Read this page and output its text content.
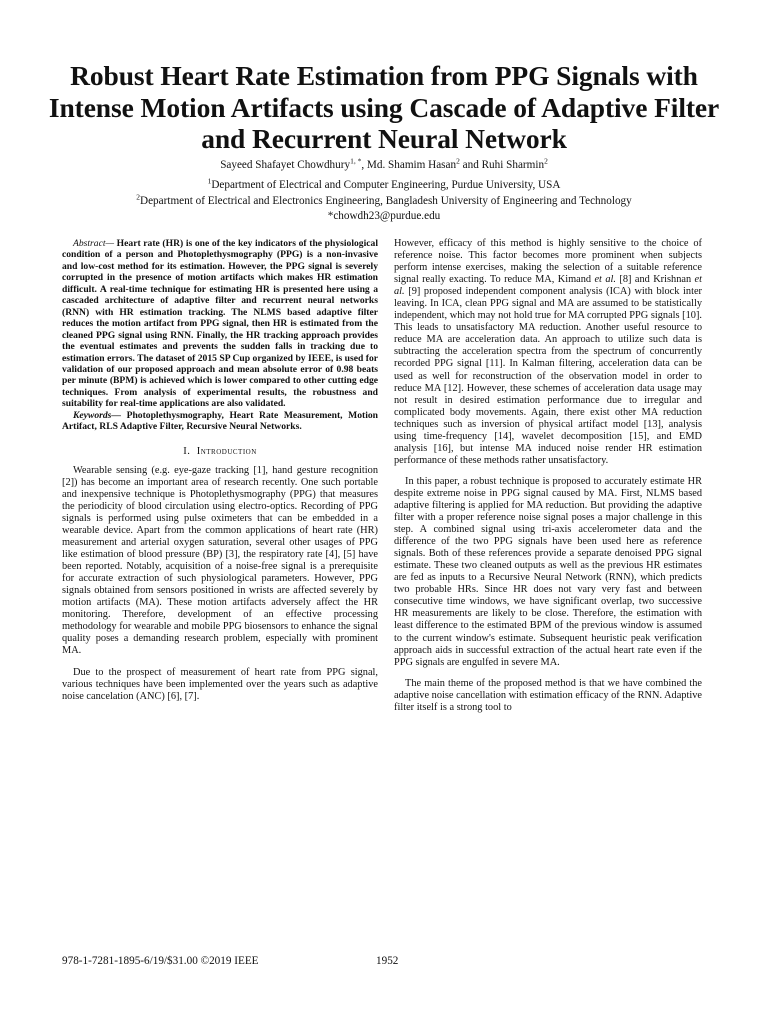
Robust Heart Rate Estimation from PPG Signals with Intense Motion Artifacts using Cascade of Adaptive Filter and Recurrent Neural Network
Sayeed Shafayet Chowdhury$^{1, *}$, Md. Shamim Hasan$^2$ and Ruhi Sharmin$^2$
$^1$Department of Electrical and Computer Engineering, Purdue University, USA
$^2$Department of Electrical and Electronics Engineering, Bangladesh University of Engineering and Technology
*chowdh23@purdue.edu

Abstract— Heart rate (HR) is one of the key indicators of the physiological condition of a person and Photoplethysmography (PPG) is a non-invasive and low-cost method for its estimation. However, the PPG signal is severely corrupted in the presence of motion artifacts which makes HR estimation difficult. A real-time technique for estimating HR is presented here using a cascaded architecture of adaptive filter and recurrent neural networks (RNN) with HR estimation tracking. The NLMS based adaptive filter reduces the motion artifact from PPG signal, then HR is estimated from the cleaned PPG signal using RNN. Finally, the HR tracking approach provides the eventual estimates and prevents the sudden falls in tracking due to estimation errors. The dataset of 2015 SP Cup organized by IEEE, is used for validation of our proposed approach and mean absolute error of 0.98 beats per minute (BPM) is achieved which is lower compared to other cutting edge techniques. From analysis of experimental results, the robustness and suitability for real-time applications are also validated.

Keywords— Photoplethysmography, Heart Rate Measurement, Motion Artifact, RLS Adaptive Filter, Recursive Neural Networks.

I. Introduction

Wearable sensing (e.g. eye-gaze tracking [1], hand gesture recognition [2]) has become an important area of research recently. One such portable and inexpensive technique is Photoplethysmography (PPG) that measures the periodicity of blood circulation using electro-optics. Recording of PPG signals is performed using pulse oximeters that can be embedded in a wearable device. Apart from the common applications of heart rate (HR) measurement and arterial oxygen saturation, several other usages of PPG like estimation of blood pressure (BP) [3], the respiratory rate [4], [5] have been reported. Notably, acquisition of a noise-free signal is a prerequisite for accurate extraction of such physiological parameters. However, PPG signals obtained from sensors positioned in wrists are affected severely by motion artifacts (MA). These motion artifacts adversely affect the HR monitoring. Therefore, development of an effective processing methodology for wearable and mobile PPG biosensors to enhance the signal quality poses a demanding research problem, especially with prominent MA.

Due to the prospect of measurement of heart rate from PPG signal, various techniques have been implemented over the years such as adaptive noise cancelation (ANC) [6], [7].

However, efficacy of this method is highly sensitive to the choice of reference noise. This factor becomes more prominent when subjects perform intense exercises, making the selection of a suitable reference signal really exacting. To reduce MA, Kimand et al. [8] and Krishnan et al. [9] proposed independent component analysis (ICA) with block inter leaving. In ICA, clean PPG signal and MA are assumed to be statistically independent, which may not hold true for MA corrupted PPG signals [10]. This leads to unsatisfactory MA reduction. Another useful resource to reduce MA are acceleration data. An approach to utilize such data is subtracting the acceleration spectra from the spectrum of concurrently recorded PPG signal [11]. In Kalman filtering, acceleration data can be used as well for reconstruction of the observation model in order to reduce MA [12]. However, these schemes of acceleration data usage may not result in desired estimation performance due to irregular and complicated body movements. Again, there exist other MA reduction techniques such as inversion of physical artifact model [13], analysis using time-frequency [14], wavelet decomposition [15], and EMD analysis [16], but intense MA induced noise render HR estimation performance of these methods rather unsatisfactory.

In this paper, a robust technique is proposed to accurately estimate HR despite extreme noise in PPG signal caused by MA. First, NLMS based adaptive filtering is applied for MA reduction. But providing the adaptive filter with a proper reference noise signal poses a major challenge in this step. A combined signal using tri-axis accelerometer data and the difference of the two PPG signals have been used here as reference signals. Both of these references provide a separate denoised PPG signal estimate. These two cleaned outputs as well as the previous HR estimates are fed as inputs to a Recursive Neural Network (RNN), which predicts two probable HRs. Since HR does not vary very fast and between consecutive time windows, we have significant overlap, two successive HR measurements are likely to be close. Therefore, the estimation with least difference to the estimated BPM of the previous window is assumed to the current window's estimate. Subsequent heuristic peak verification approach aids in successful extraction of the actual heart rate even if the PPG signals are engulfed in severe MA.

The main theme of the proposed method is that we have combined the adaptive noise cancellation with estimation efficacy of the RNN. Adaptive filter itself is a strong tool to

978-1-7281-1895-6/19/$31.00 ©2019 IEEE	1952
